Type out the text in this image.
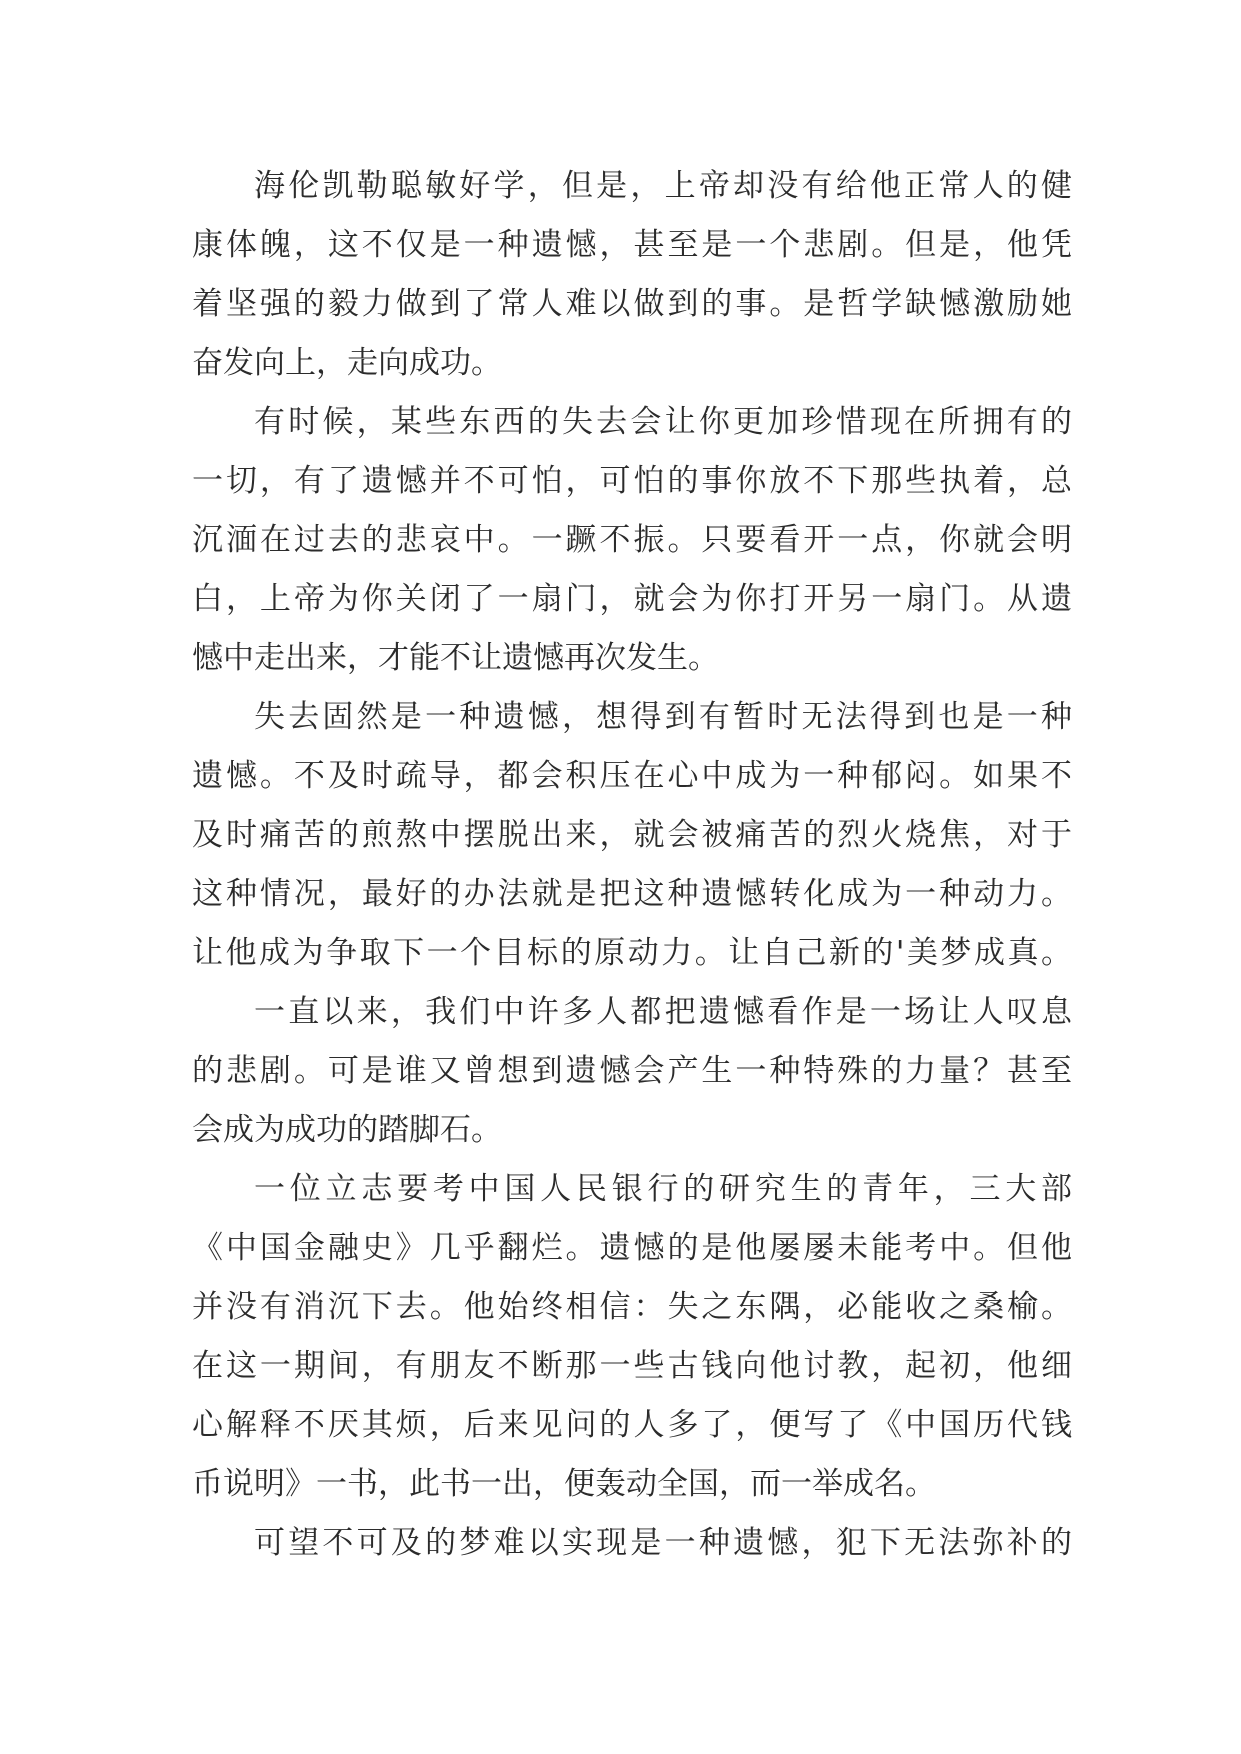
海伦凯勒聪敏好学，但是，上帝却没有给他正常人的健
康体魄，这不仅是一种遗憾，甚至是一个悲剧。但是，他凭
着坚强的毅力做到了常人难以做到的事。是哲学缺憾激励她
奋发向上，走向成功。
有时候，某些东西的失去会让你更加珍惜现在所拥有的
一切，有了遗憾并不可怕，可怕的事你放不下那些执着，总
沉湎在过去的悲哀中。一蹶不振。只要看开一点，你就会明
白，上帝为你关闭了一扇门，就会为你打开另一扇门。从遗
憾中走出来，才能不让遗憾再次发生。
失去固然是一种遗憾，想得到有暂时无法得到也是一种
遗憾。不及时疏导，都会积压在心中成为一种郁闷。如果不
及时痛苦的煎熬中摆脱出来，就会被痛苦的烈火烧焦，对于
这种情况，最好的办法就是把这种遗憾转化成为一种动力。
让他成为争取下一个目标的原动力。让自己新的'美梦成真。
一直以来，我们中许多人都把遗憾看作是一场让人叹息
的悲剧。可是谁又曾想到遗憾会产生一种特殊的力量？甚至
会成为成功的踏脚石。
一位立志要考中国人民银行的研究生的青年，三大部
《中国金融史》几乎翻烂。遗憾的是他屡屡未能考中。但他
并没有消沉下去。他始终相信：失之东隅，必能收之桑榆。
在这一期间，有朋友不断那一些古钱向他讨教，起初，他细
心解释不厌其烦，后来见问的人多了，便写了《中国历代钱
币说明》一书，此书一出，便轰动全国，而一举成名。
可望不可及的梦难以实现是一种遗憾，犯下无法弥补的
